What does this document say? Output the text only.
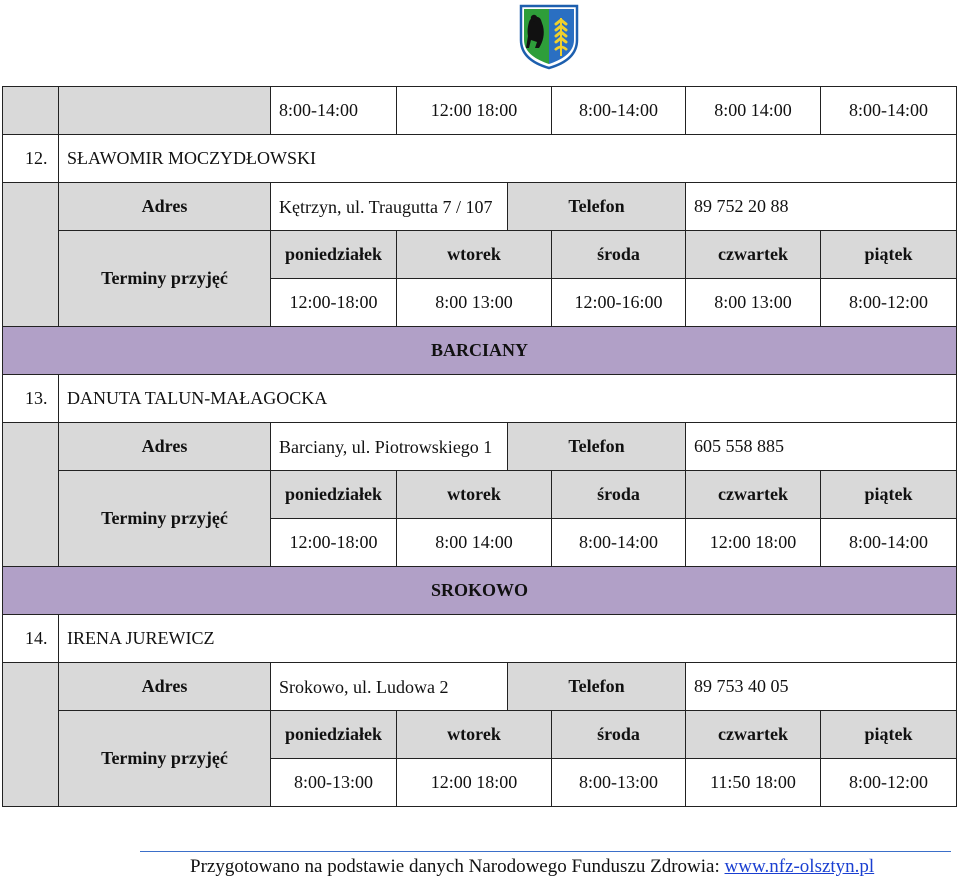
		8:00-14:00	12:00 18:00		8:00-14:00	8:00 14:00	8:00-14:00
12.	SŁAWOMIR MOCZYDŁOWSKI						
	Adres	Kętrzyn, ul. Traugutta 7 / 107		Telefon		89 752 20 88	
	Terminy przyjęć	poniedziałek	wtorek		środa	czwartek	piątek
		12:00-18:00	8:00 13:00		12:00-16:00	8:00 13:00	8:00-12:00
BARCIANY							
13.	DANUTA TALUN-MAŁAGOCKA						
	Adres	Barciany, ul. Piotrowskiego 1		Telefon		605 558 885	
	Terminy przyjęć	poniedziałek	wtorek		środa	czwartek	piątek
		12:00-18:00	8:00 14:00		8:00-14:00	12:00 18:00	8:00-14:00
SROKOWO							
14.	IRENA JUREWICZ						
	Adres	Srokowo, ul. Ludowa 2		Telefon		89 753 40 05	
	Terminy przyjęć	poniedziałek	wtorek		środa	czwartek	piątek
		8:00-13:00	12:00 18:00		8:00-13:00	11:50 18:00	8:00-12:00
Przygotowano na podstawie danych Narodowego Funduszu Zdrowia: www.nfz-olsztyn.pl
